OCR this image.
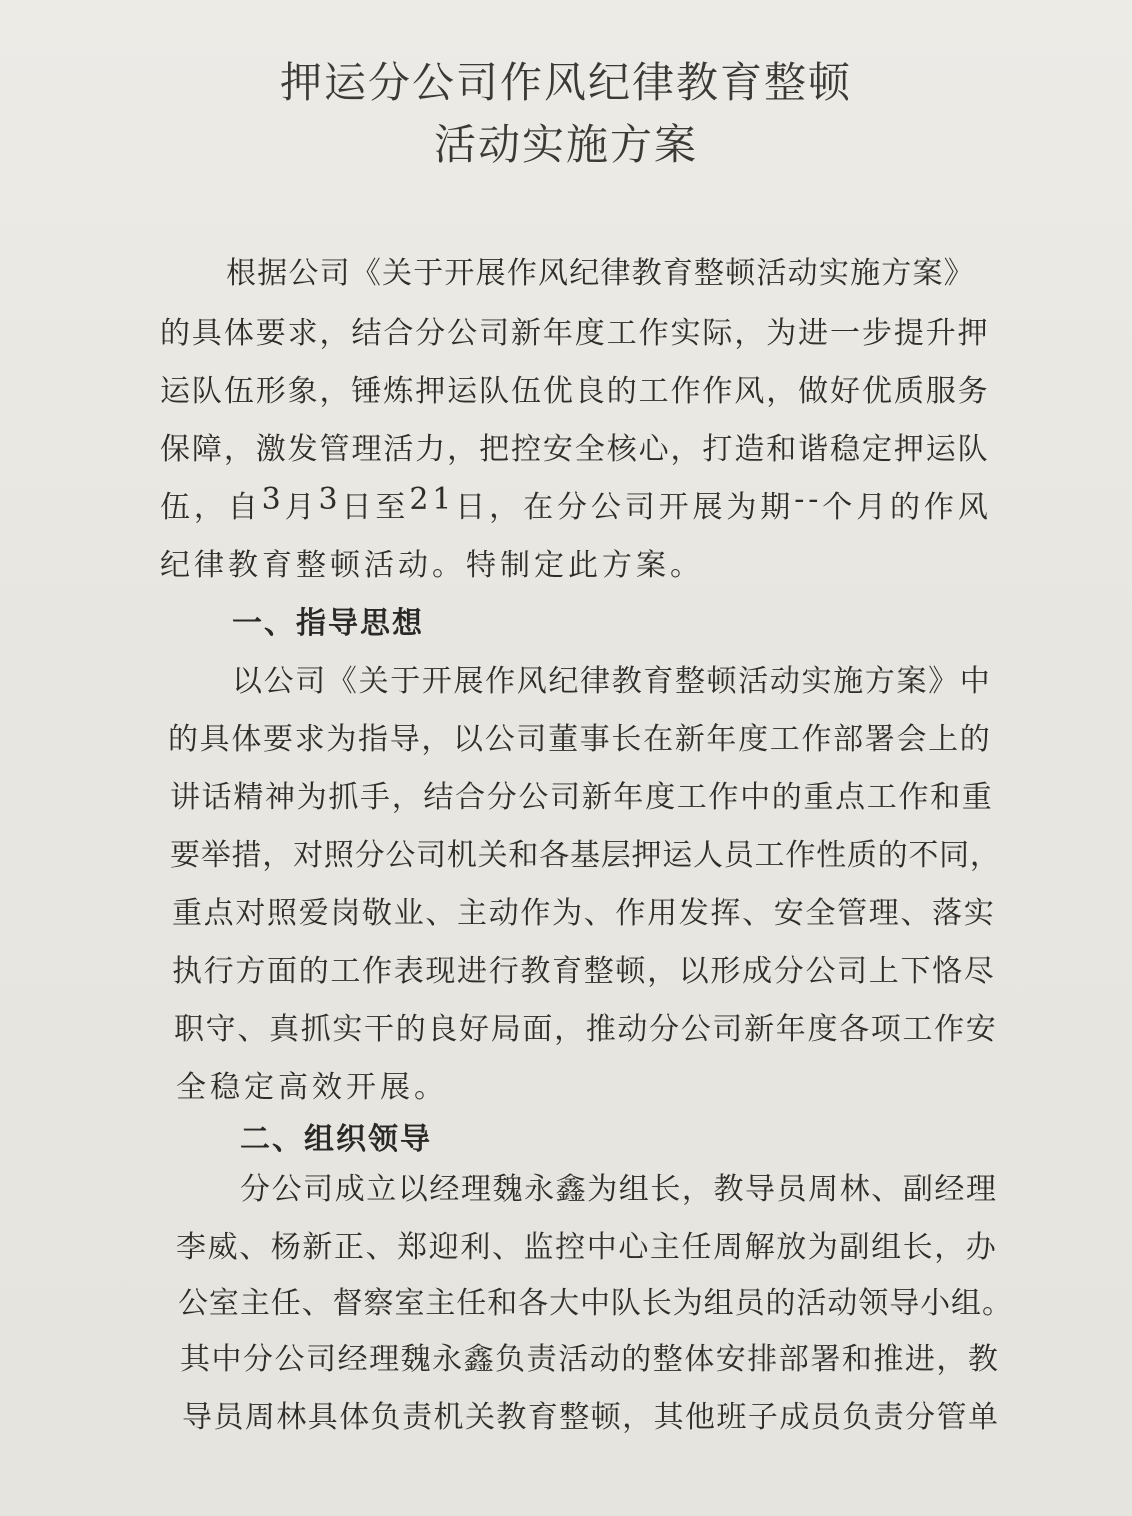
押运分公司作风纪律教育整顿
活动实施方案
根 据 公 司 《 关 于 开 展 作 风 纪 律 教 育 整 顿 活 动 实 施 方 案 》
的 具 体 要 求 ， 结 合 分 公 司 新 年 度 工 作 实 际 ， 为 进 一 步 提 升 押
运 队 伍 形 象 ， 锤 炼 押 运 队 伍 优 良 的 工 作 作 风 ， 做 好 优 质 服 务
保 障 ， 激 发 管 理 活 力 ， 把 控 安 全 核 心 ， 打 造 和 谐 稳 定 押 运 队
伍 ， 自 3 月 3 日 至 2 1 日 ， 在 分 公 司 开 展 为 期 - - 个 月 的 作 风
纪律教育整顿活动。特制定此方案。
一、指导思想
以 公 司 《 关 于 开 展 作 风 纪 律 教 育 整 顿 活 动 实 施 方 案 》 中
的 具 体 要 求 为 指 导 ， 以 公 司 董 事 长 在 新 年 度 工 作 部 署 会 上 的
讲 话 精 神 为 抓 手 ， 结 合 分 公 司 新 年 度 工 作 中 的 重 点 工 作 和 重
要 举 措 ， 对 照 分 公 司 机 关 和 各 基 层 押 运 人 员 工 作 性 质 的 不 同 ，
重 点 对 照 爱 岗 敬 业 、 主 动 作 为 、 作 用 发 挥 、 安 全 管 理 、 落 实
执 行 方 面 的 工 作 表 现 进 行 教 育 整 顿 ， 以 形 成 分 公 司 上 下 恪 尽
职 守 、 真 抓 实 干 的 良 好 局 面 ， 推 动 分 公 司 新 年 度 各 项 工 作 安
全稳定高效开展。
二、组织领导
分 公 司 成 立 以 经 理 魏 永 鑫 为 组 长 ， 教 导 员 周 林 、 副 经 理
李 威 、 杨 新 正 、 郑 迎 利 、 监 控 中 心 主 任 周 解 放 为 副 组 长 ， 办
公 室 主 任 、 督 察 室 主 任 和 各 大 中 队 长 为 组 员 的 活 动 领 导 小 组 。
其 中 分 公 司 经 理 魏 永 鑫 负 责 活 动 的 整 体 安 排 部 署 和 推 进 ， 教
导 员 周 林 具 体 负 责 机 关 教 育 整 顿 ， 其 他 班 子 成 员 负 责 分 管 单
